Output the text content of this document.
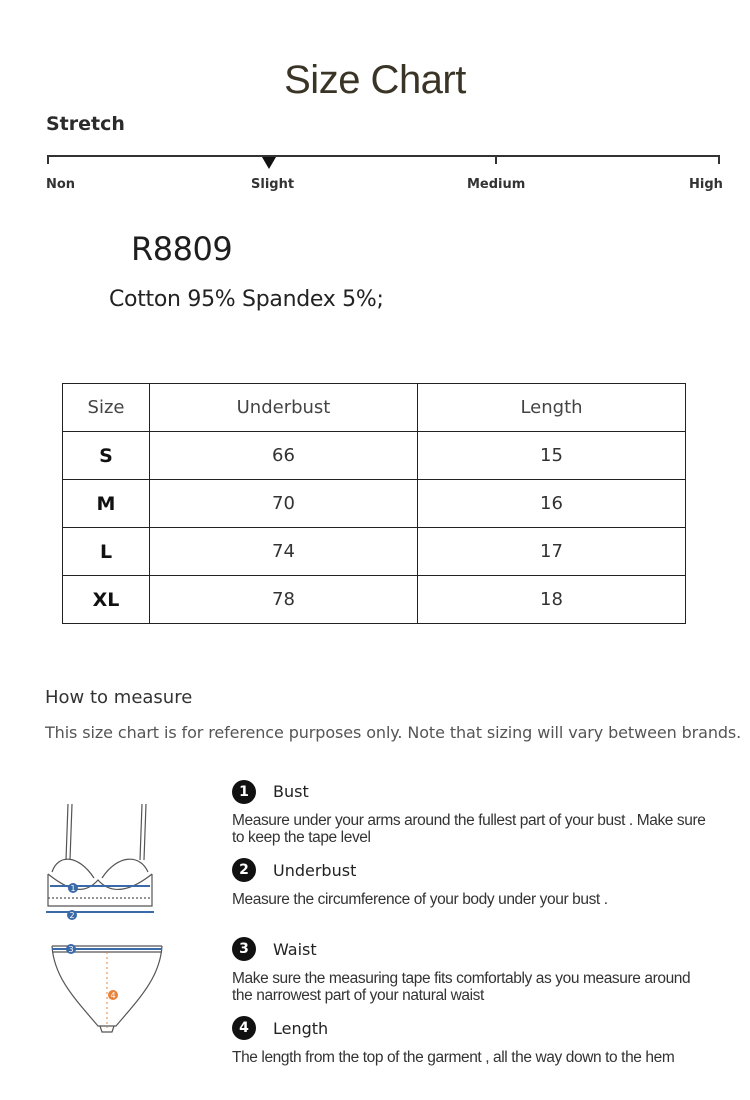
Size Chart
Stretch
Non	Slight	Medium	High
R8809
Cotton 95% Spandex 5%;
Size	Underbust	Length
S	66	15
M	70	16
L	74	17
XL	78	18
How to measure
This size chart is for reference purposes only. Note that sizing will vary between brands.
1
2
3
4
1	Bust
Measure under your arms around the fullest part of your bust . Make sure to keep the tape level
2	Underbust
Measure the circumference of your body under your bust .
3	Waist
Make sure the measuring tape fits comfortably as you measure around the narrowest part of your natural waist
4	Length
The length from the top of the garment , all the way down to the hem
